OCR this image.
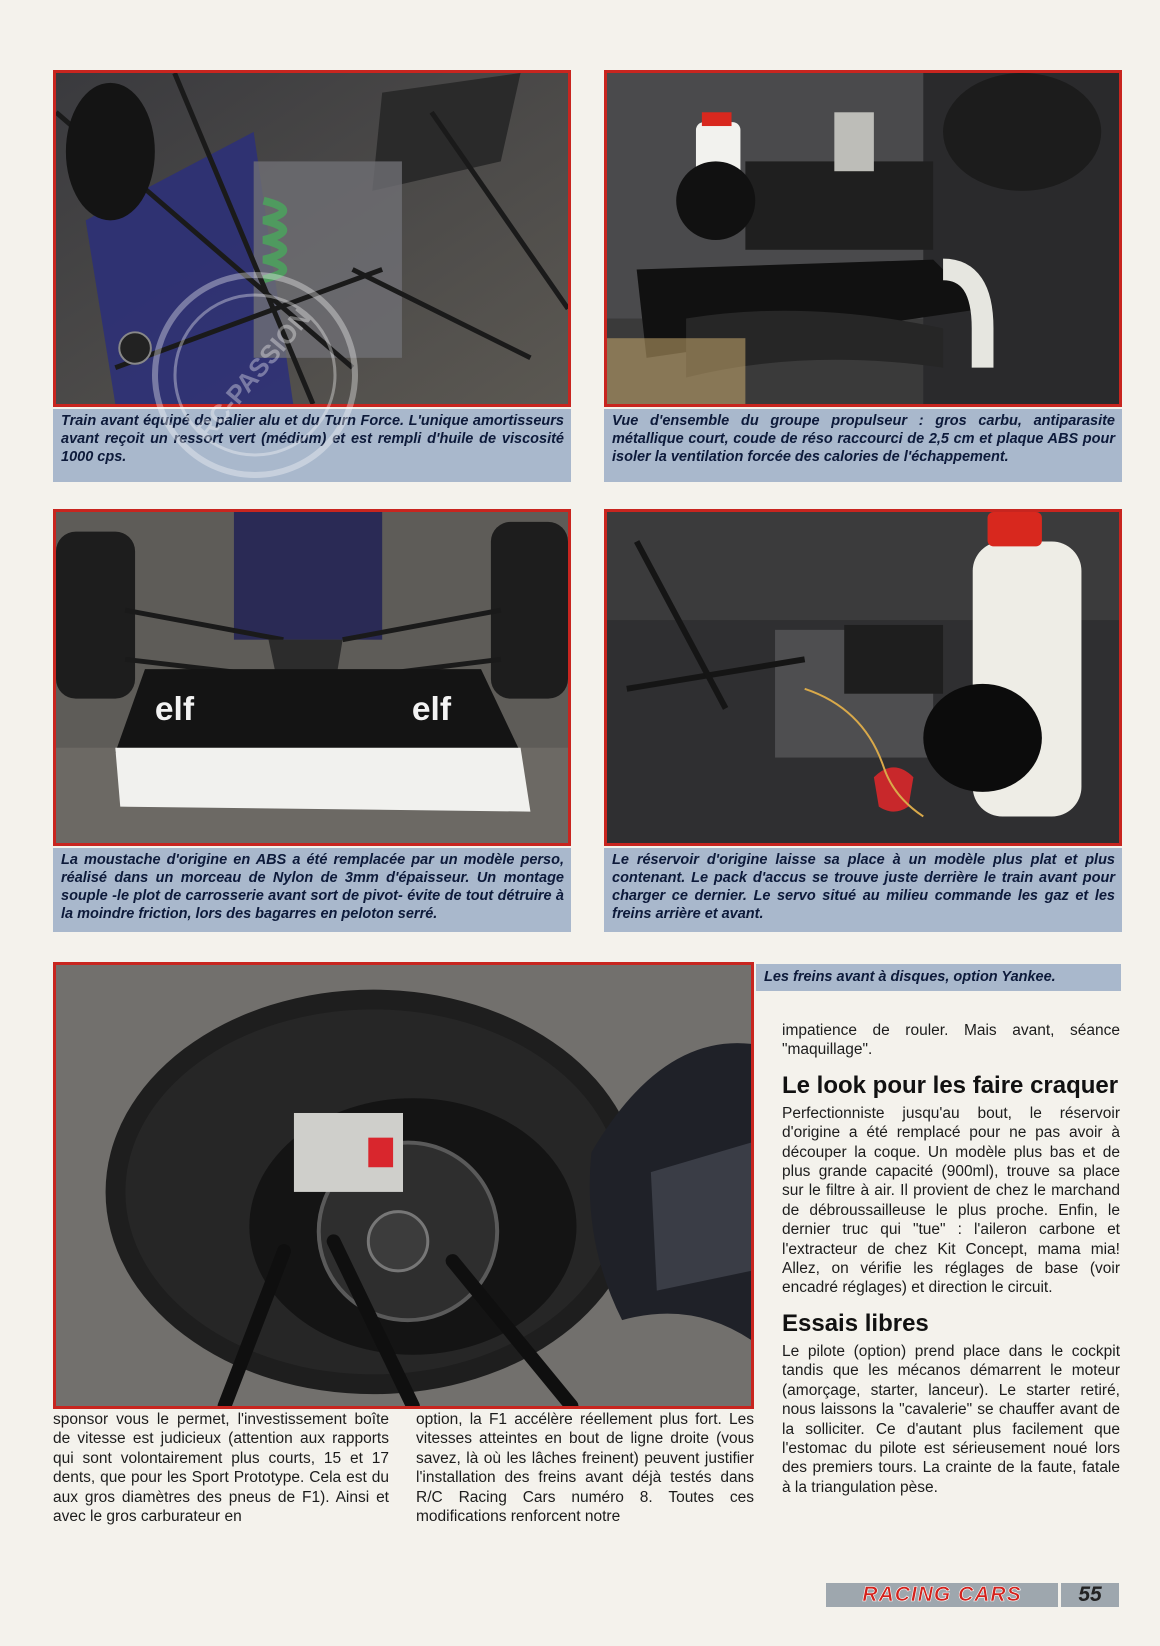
Train avant équipé de palier alu et du Turn Force. L'unique amortisseurs avant reçoit un ressort vert (médium) et est rempli d'huile de viscosité 1000 cps.
Vue d'ensemble du groupe propulseur : gros carbu, antiparasite métallique court, coude de réso raccourci de 2,5 cm et plaque ABS pour isoler la ventilation forcée des calories de l'échappement.
elf	elf
La moustache d'origine en ABS a été remplacée par un modèle perso, réalisé dans un morceau de Nylon de 3mm d'épaisseur. Un montage souple -le plot de carrosserie avant sort de pivot- évite de tout détruire à la moindre friction, lors des bagarres en peloton serré.
Le réservoir d'origine laisse sa place à un modèle plus plat et plus contenant. Le pack d'accus se trouve juste derrière le train avant pour charger ce dernier. Le servo situé au milieu commande les gaz et les freins arrière et avant.
Les freins avant à disques, option Yankee.
RC-PASSION

sponsor vous le permet, l'investissement boîte de vitesse est judicieux (attention aux rapports qui sont volontairement plus courts, 15 et 17 dents, que pour les Sport Prototype. Cela est du aux gros diamètres des pneus de F1). Ainsi et avec le gros carburateur en

option, la F1 accélère réellement plus fort. Les vitesses atteintes en bout de ligne droite (vous savez, là où les lâches freinent) peuvent justifier l'installation des freins avant déjà testés dans R/C Racing Cars numéro 8. Toutes ces modifications renforcent notre

impatience de rouler. Mais avant, séance "maquillage".

Le look pour les faire craquer

Perfectionniste jusqu'au bout, le réservoir d'origine a été remplacé pour ne pas avoir à découper la coque. Un modèle plus bas et de plus grande capacité (900ml), trouve sa place sur le filtre à air. Il provient de chez le marchand de débroussailleuse le plus proche. Enfin, le dernier truc qui "tue" : l'aileron carbone et l'extracteur de chez Kit Concept, mama mia! Allez, on vérifie les réglages de base (voir encadré réglages) et direction le circuit.

Essais libres

Le pilote (option) prend place dans le cockpit tandis que les mécanos démarrent le moteur (amorçage, starter, lanceur). Le starter retiré, nous laissons la "cavalerie" se chauffer avant de la solliciter. Ce d'autant plus facilement que l'estomac du pilote est sérieusement noué lors des premiers tours. La crainte de la faute, fatale à la triangulation pèse.

RACING CARS	55
